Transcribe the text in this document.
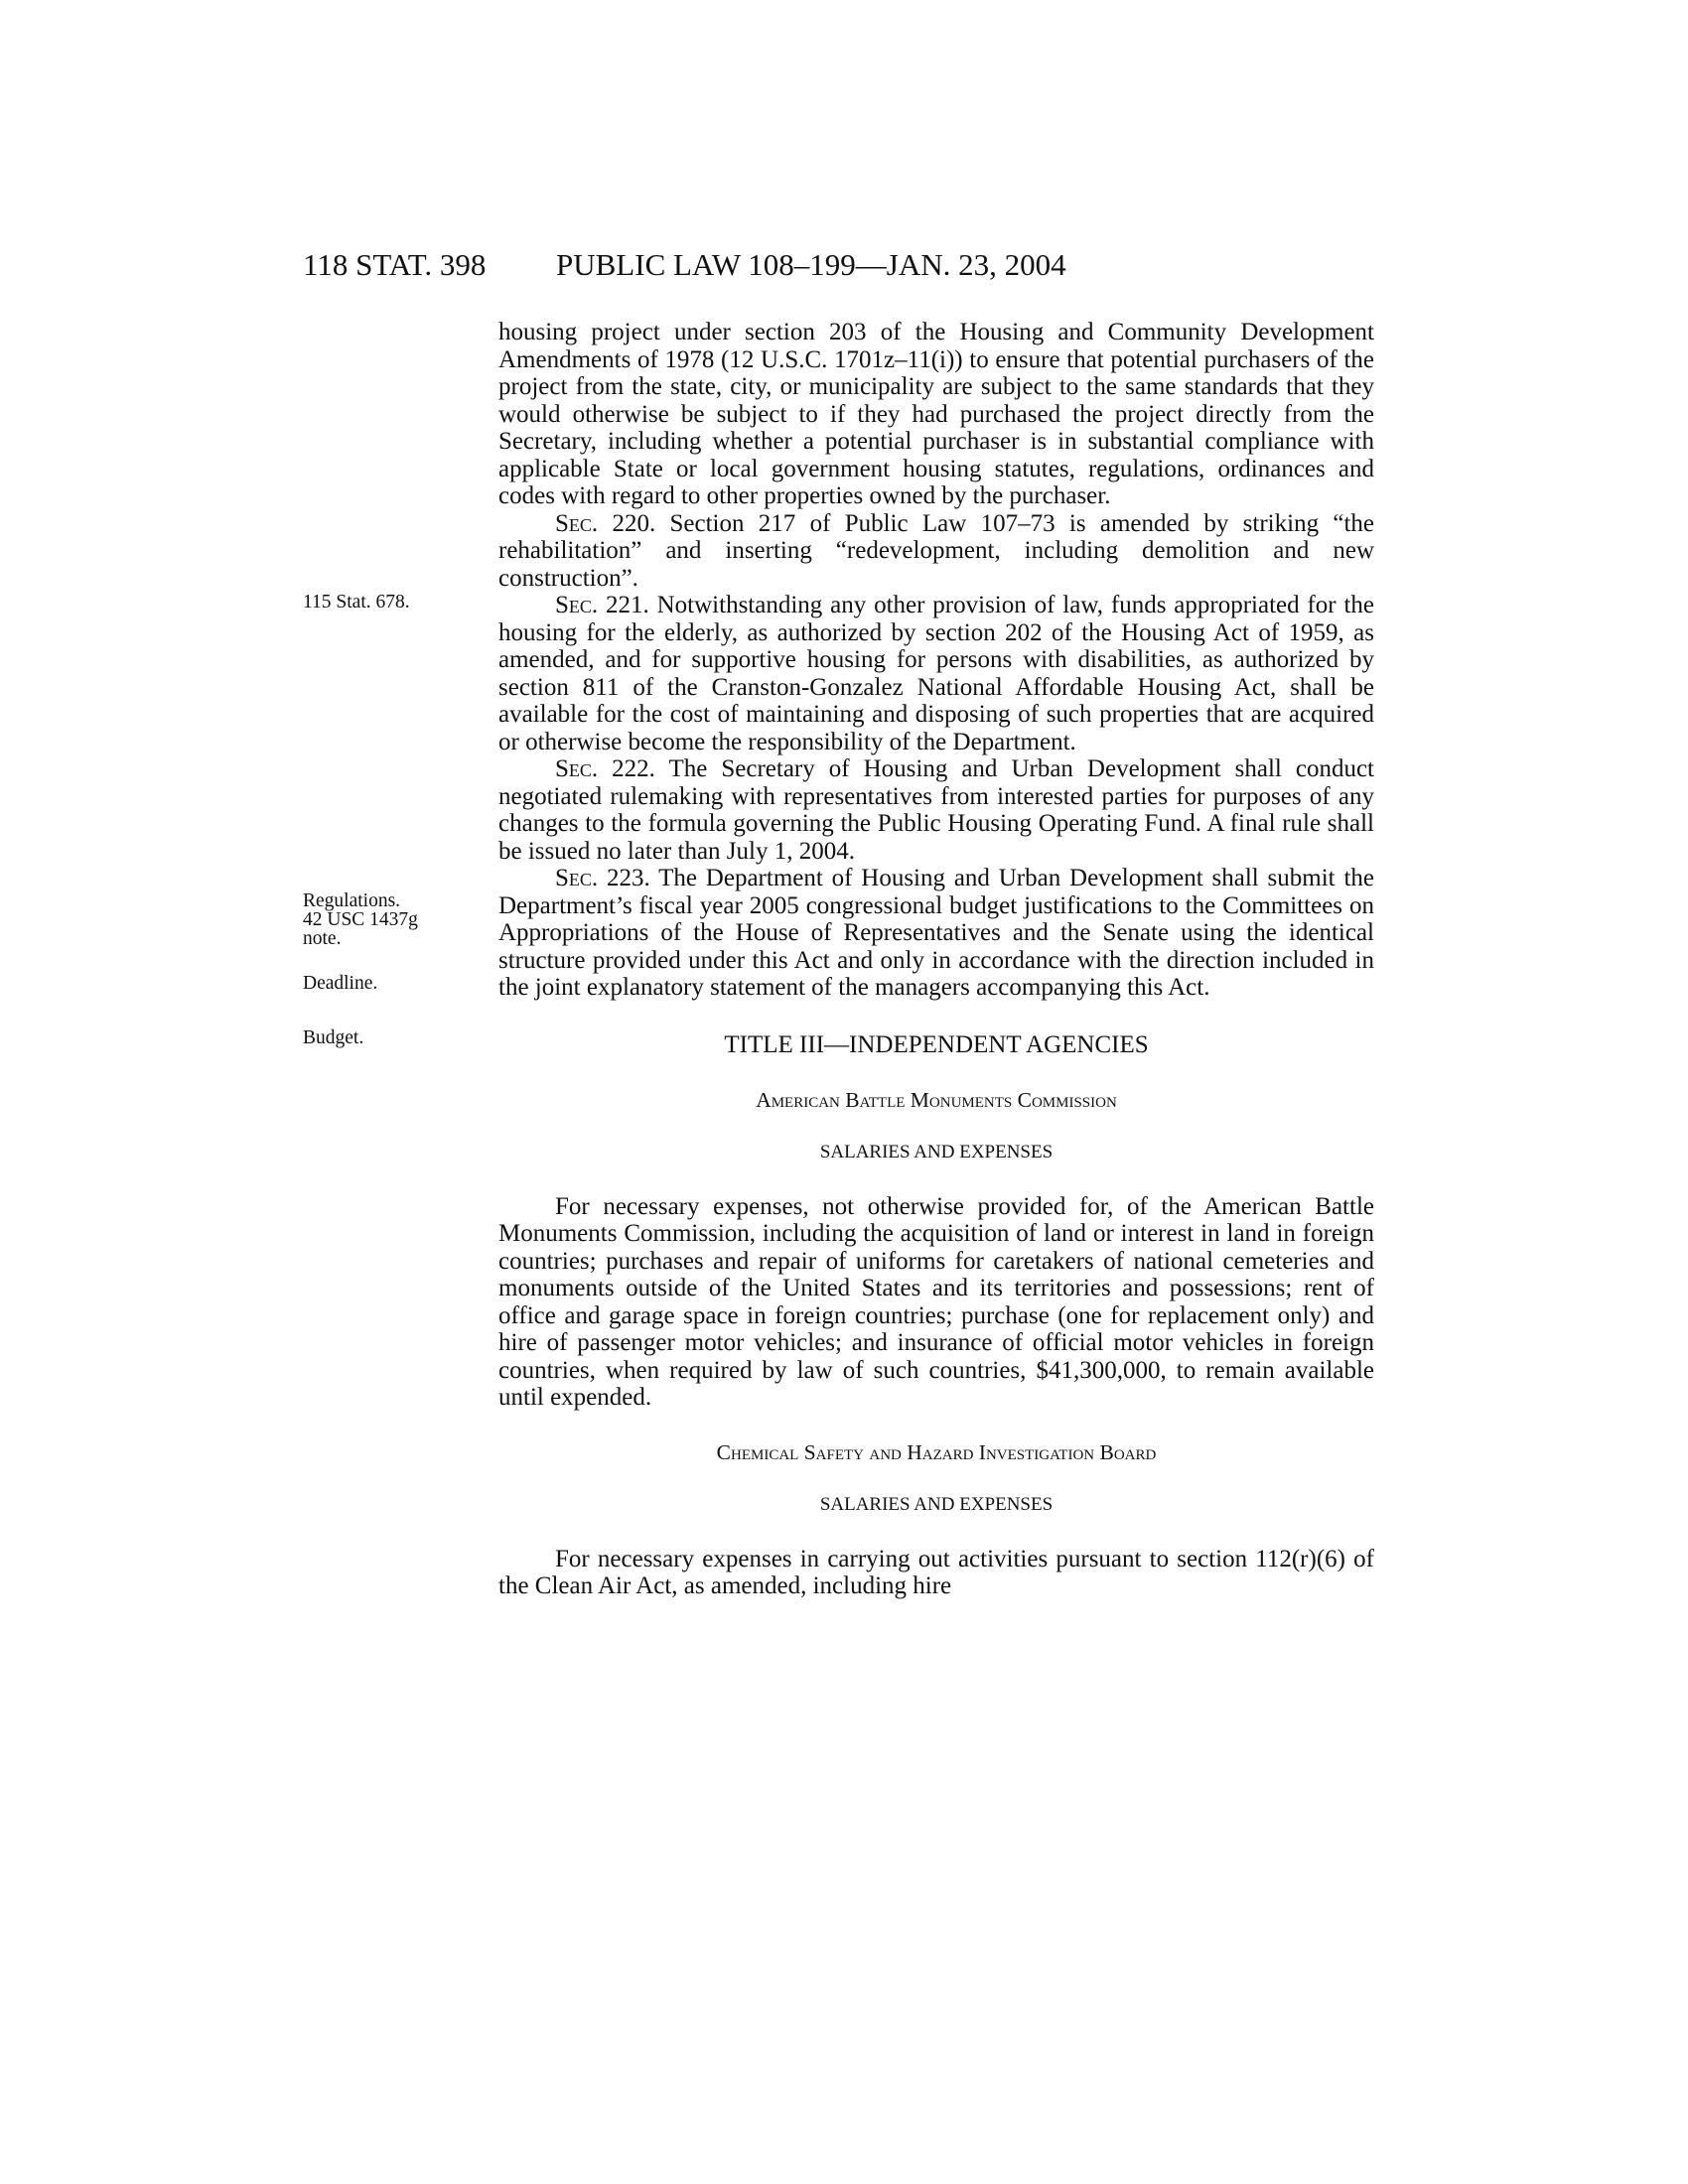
118 STAT. 398 PUBLIC LAW 108–199—JAN. 23, 2004
115 Stat. 678.
Regulations.
42 USC 1437g
note.
Deadline.
Budget.

housing project under section 203 of the Housing and Community Development Amendments of 1978 (12 U.S.C. 1701z–11(i)) to ensure that potential purchasers of the project from the state, city, or municipality are subject to the same standards that they would otherwise be subject to if they had purchased the project directly from the Secretary, including whether a potential purchaser is in substantial compliance with applicable State or local government housing statutes, regulations, ordinances and codes with regard to other properties owned by the purchaser.

Sec. 220. Section 217 of Public Law 107–73 is amended by striking “the rehabilitation” and inserting “redevelopment, including demolition and new construction”.

Sec. 221. Notwithstanding any other provision of law, funds appropriated for the housing for the elderly, as authorized by section 202 of the Housing Act of 1959, as amended, and for supportive housing for persons with disabilities, as authorized by section 811 of the Cranston-Gonzalez National Affordable Housing Act, shall be available for the cost of maintaining and disposing of such properties that are acquired or otherwise become the responsibility of the Department.

Sec. 222. The Secretary of Housing and Urban Development shall conduct negotiated rulemaking with representatives from interested parties for purposes of any changes to the formula governing the Public Housing Operating Fund. A final rule shall be issued no later than July 1, 2004.

Sec. 223. The Department of Housing and Urban Development shall submit the Department’s fiscal year 2005 congressional budget justifications to the Committees on Appropriations of the House of Representatives and the Senate using the identical structure provided under this Act and only in accordance with the direction included in the joint explanatory statement of the managers accompanying this Act.

TITLE III—INDEPENDENT AGENCIES

American Battle Monuments Commission

SALARIES AND EXPENSES

For necessary expenses, not otherwise provided for, of the American Battle Monuments Commission, including the acquisition of land or interest in land in foreign countries; purchases and repair of uniforms for caretakers of national cemeteries and monuments outside of the United States and its territories and possessions; rent of office and garage space in foreign countries; purchase (one for replacement only) and hire of passenger motor vehicles; and insurance of official motor vehicles in foreign countries, when required by law of such countries, $41,300,000, to remain available until expended.

Chemical Safety and Hazard Investigation Board

SALARIES AND EXPENSES

For necessary expenses in carrying out activities pursuant to section 112(r)(6) of the Clean Air Act, as amended, including hire
